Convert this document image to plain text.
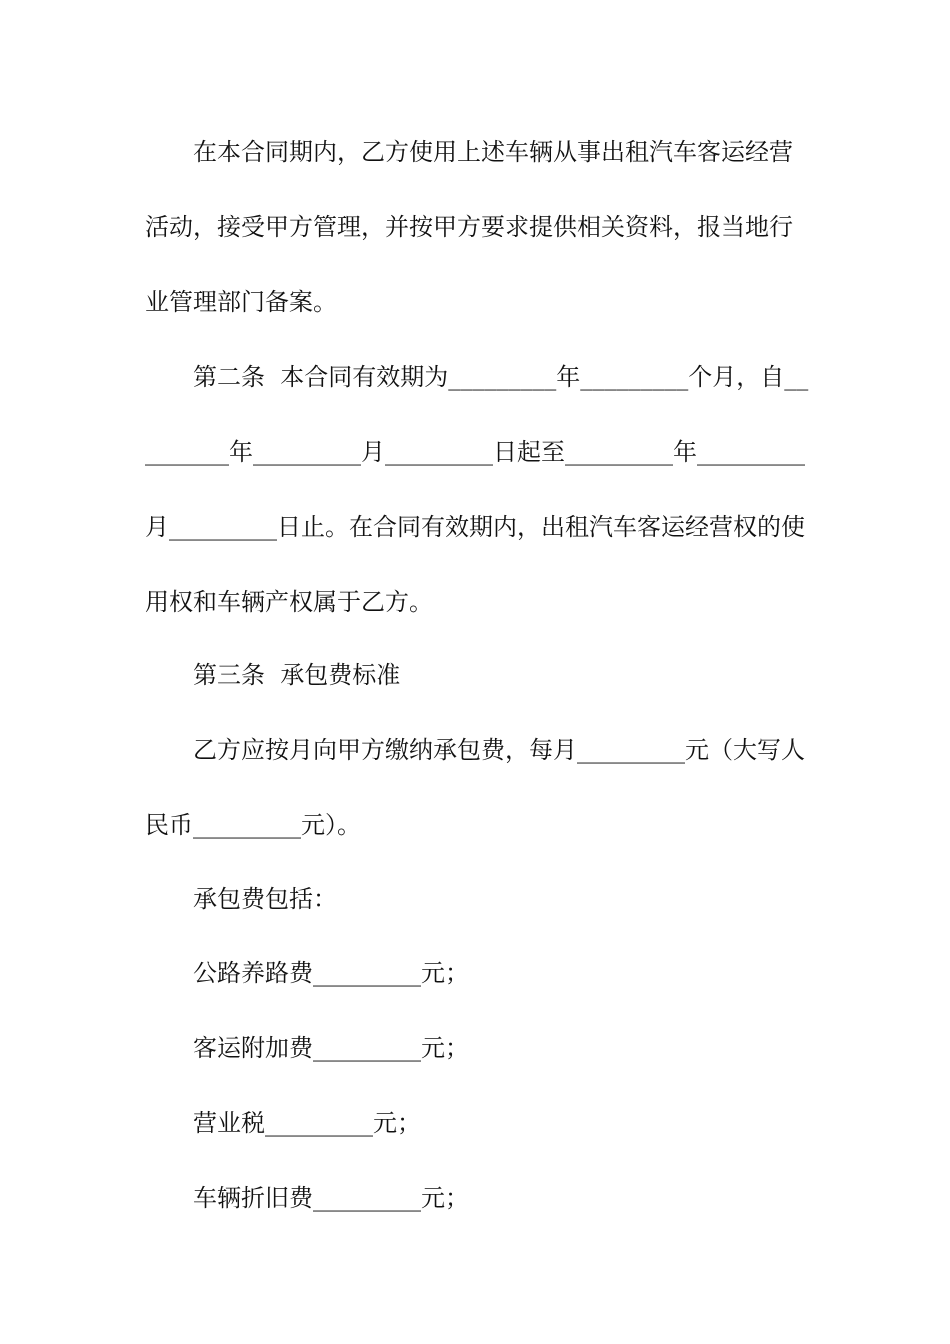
在本合同期内，乙方使用上述车辆从事出租汽车客运经营
活动，接受甲方管理，并按甲方要求提供相关资料，报当地行
业管理部门备案。
第二条  本合同有效期为_________年_________个月，自__
_______年_________月_________日起至_________年_________
月_________日止。在合同有效期内，出租汽车客运经营权的使
用权和车辆产权属于乙方。
第三条  承包费标准
乙方应按月向甲方缴纳承包费，每月_________元（大写人
民币_________元）。
承包费包括：
公路养路费_________元；
客运附加费_________元；
营业税_________元；
车辆折旧费_________元；
